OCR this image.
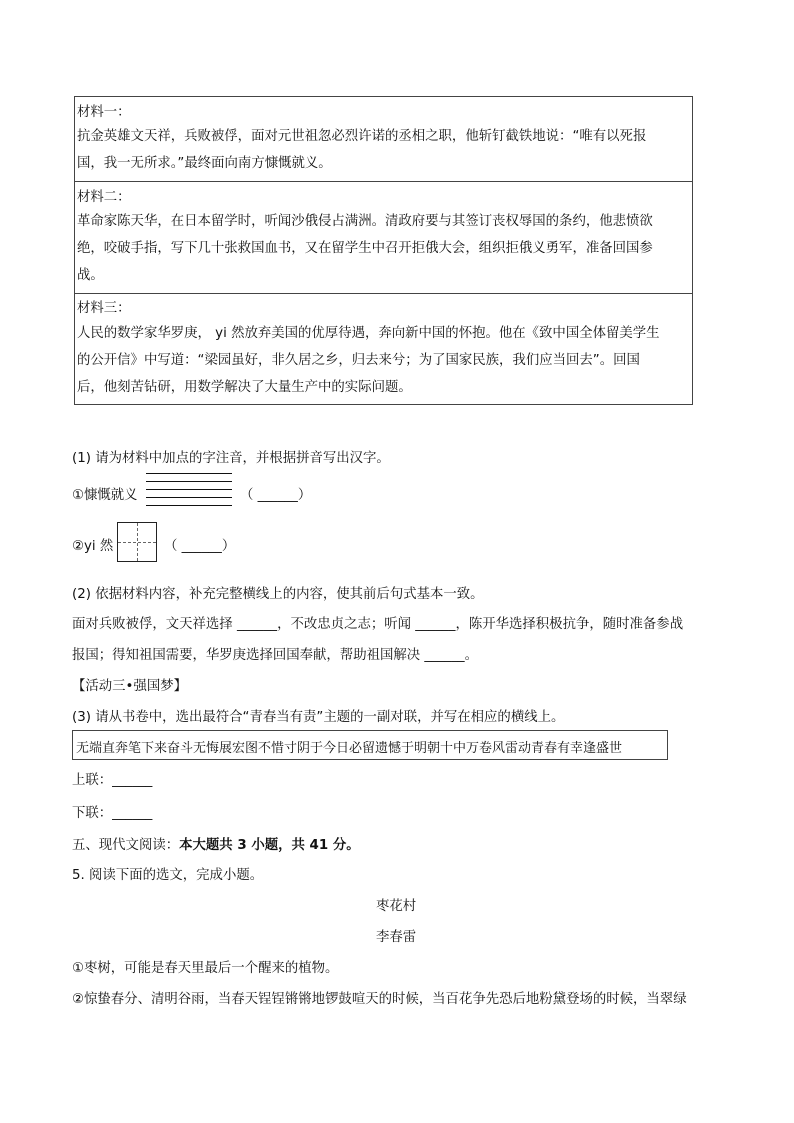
材料一：
抗金英雄文天祥，兵败被俘，面对元世祖忽必烈许诺的丞相之职，他斩钉截铁地说：“唯有以死报
国，我一无所求。”最终面向南方慷慨就义。
材料二：
革命家陈天华，在日本留学时，听闻沙俄侵占满洲。清政府要与其签订丧权辱国的条约，他悲愤欲
绝，咬破手指，写下几十张救国血书，又在留学生中召开拒俄大会，组织拒俄义勇军，准备回国参
战。
材料三：
人民的数学家华罗庚， yi 然放弃美国的优厚待遇，奔向新中国的怀抱。他在《致中国全体留美学生
的公开信》中写道：“梁园虽好，非久居之乡，归去来兮；为了国家民族，我们应当回去”。回国
后，他刻苦钻研，用数学解决了大量生产中的实际问题。
(1) 请为材料中加点的字注音，并根据拼音写出汉字。
①慷慨就义	（ ______）
②yi 然	（ ______）
(2) 依据材料内容，补充完整横线上的内容，使其前后句式基本一致。
面对兵败被俘，文天祥选择 ______，不改忠贞之志；听闻 ______，陈开华选择积极抗争，随时准备参战
报国；得知祖国需要，华罗庚选择回国奉献，帮助祖国解决 ______。
【活动三•强国梦】
(3) 请从书卷中，选出最符合“青春当有责”主题的一副对联，并写在相应的横线上。
无端直奔笔下来奋斗无悔展宏图不惜寸阴于今日必留遗憾于明朝十中万卷风雷动青春有幸逢盛世
上联：______
下联：______
五、现代文阅读：本大题共 3 小题，共 41 分。
5. 阅读下面的选文，完成小题。
枣花村
李春雷
①枣树，可能是春天里最后一个醒来的植物。
②惊蛰春分、清明谷雨，当春天锃锃锵锵地锣鼓喧天的时候，当百花争先恐后地粉黛登场的时候，当翠绿
